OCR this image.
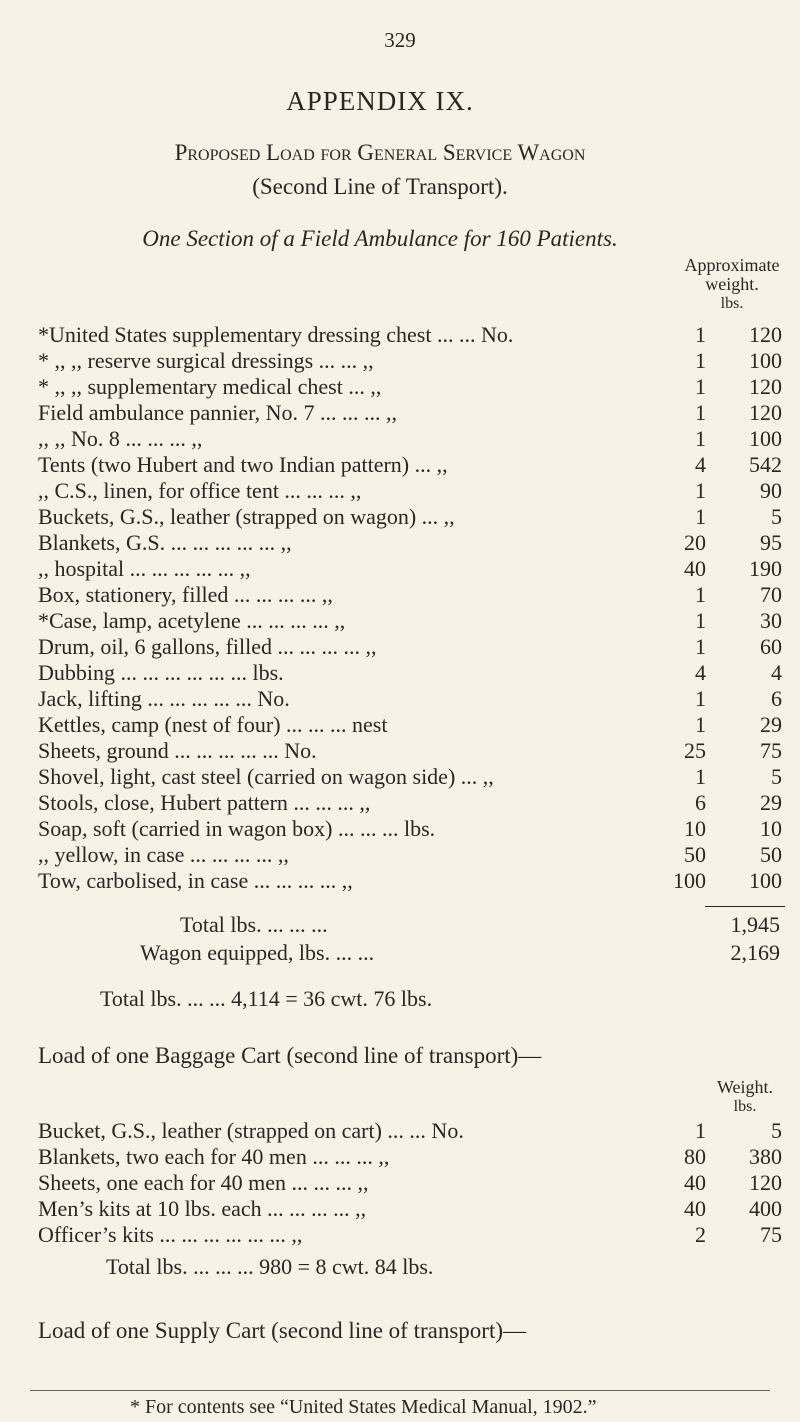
329
APPENDIX IX.
Proposed Load for General Service Wagon
(Second Line of Transport).
One Section of a Field Ambulance for 160 Patients.
Approximate
weight.
lbs.
*United States supplementary dressing chest ... ... No.	1	120
* ,, ,, reserve surgical dressings ... ... ,,	1	100
* ,, ,, supplementary medical chest ... ,,	1	120
Field ambulance pannier, No. 7 ... ... ... ,,	1	120
,, ,, No. 8 ... ... ... ,,	1	100
Tents (two Hubert and two Indian pattern) ... ,,	4	542
,, C.S., linen, for office tent ... ... ... ,,	1	90
Buckets, G.S., leather (strapped on wagon) ... ,,	1	5
Blankets, G.S. ... ... ... ... ... ,,	20	95
,, hospital ... ... ... ... ... ,,	40	190
Box, stationery, filled ... ... ... ... ,,	1	70
*Case, lamp, acetylene ... ... ... ... ,,	1	30
Drum, oil, 6 gallons, filled ... ... ... ... ,,	1	60
Dubbing ... ... ... ... ... ... lbs.	4	4
Jack, lifting ... ... ... ... ... No.	1	6
Kettles, camp (nest of four) ... ... ... nest	1	29
Sheets, ground ... ... ... ... ... No.	25	75
Shovel, light, cast steel (carried on wagon side) ... ,,	1	5
Stools, close, Hubert pattern ... ... ... ,,	6	29
Soap, soft (carried in wagon box) ... ... ... lbs.	10	10
,, yellow, in case ... ... ... ... ,,	50	50
Tow, carbolised, in case ... ... ... ... ,,	100	100
Total lbs. ... ... ...	1,945
Wagon equipped, lbs. ... ...	2,169
Total lbs. ... ... 4,114 = 36 cwt. 76 lbs.
Load of one Baggage Cart (second line of transport)—
Weight.
lbs.
Bucket, G.S., leather (strapped on cart) ... ... No.	1	5
Blankets, two each for 40 men ... ... ... ,,	80	380
Sheets, one each for 40 men ... ... ... ,,	40	120
Men’s kits at 10 lbs. each ... ... ... ... ,,	40	400
Officer’s kits ... ... ... ... ... ... ,,	2	75
Total lbs. ... ... ... 980 = 8 cwt. 84 lbs.
Load of one Supply Cart (second line of transport)—
* For contents see “United States Medical Manual, 1902.”
